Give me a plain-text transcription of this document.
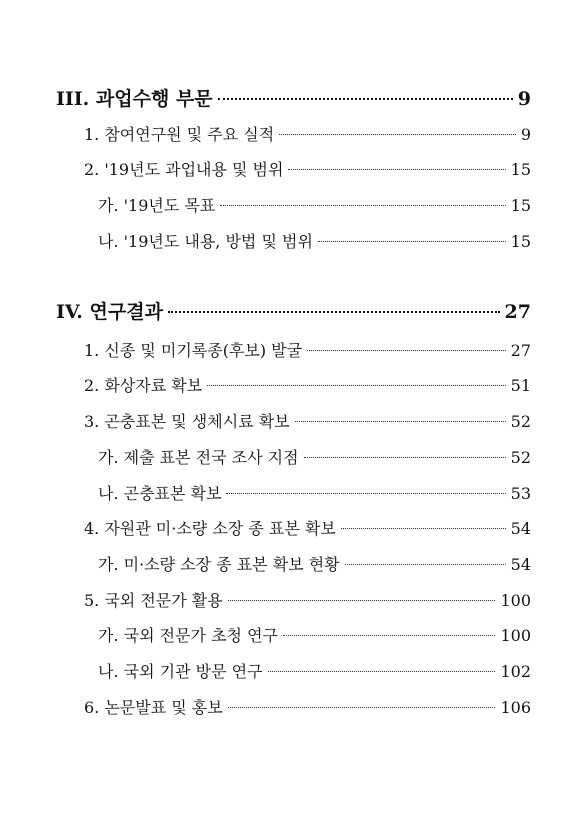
III. 과업수행 부문	9
1. 참여연구원 및 주요 실적	9
2. '19년도 과업내용 및 범위	15
가. '19년도 목표	15
나. '19년도 내용, 방법 및 범위	15
IV. 연구결과	27
1. 신종 및 미기록종(후보) 발굴	27
2. 화상자료 확보	51
3. 곤충표본 및 생체시료 확보	52
가. 제출 표본 전국 조사 지점	52
나. 곤충표본 확보	53
4. 자원관 미·소량 소장 종 표본 확보	54
가. 미·소량 소장 종 표본 확보 현황	54
5. 국외 전문가 활용	100
가. 국외 전문가 초청 연구	100
나. 국외 기관 방문 연구	102
6. 논문발표 및 홍보	106
